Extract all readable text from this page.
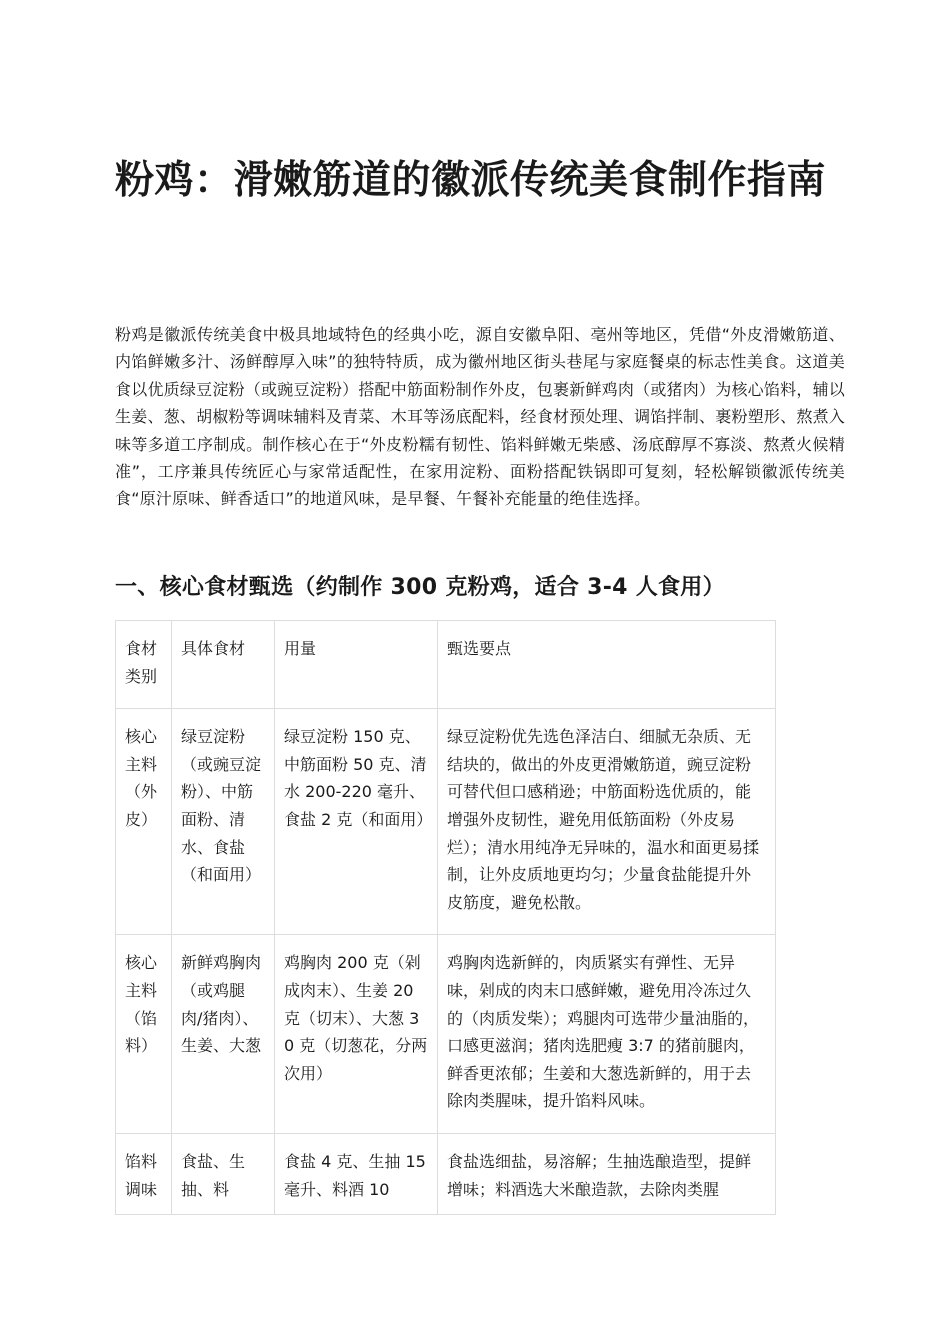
粉鸡：滑嫩筋道的徽派传统美食制作指南

粉鸡是徽派传统美食中极具地域特色的经典小吃，源自安徽阜阳、亳州等地区，凭借“外皮滑嫩筋道、内馅鲜嫩多汁、汤鲜醇厚入味”的独特特质，成为徽州地区街头巷尾与家庭餐桌的标志性美食。这道美食以优质绿豆淀粉（或豌豆淀粉）搭配中筋面粉制作外皮，包裹新鲜鸡肉（或猪肉）为核心馅料，辅以生姜、葱、胡椒粉等调味辅料及青菜、木耳等汤底配料，经食材预处理、调馅拌制、裹粉塑形、熬煮入味等多道工序制成。制作核心在于“外皮粉糯有韧性、馅料鲜嫩无柴感、汤底醇厚不寡淡、熬煮火候精准”，工序兼具传统匠心与家常适配性，在家用淀粉、面粉搭配铁锅即可复刻，轻松解锁徽派传统美食“原汁原味、鲜香适口”的地道风味，是早餐、午餐补充能量的绝佳选择。

一、核心食材甄选（约制作 300 克粉鸡，适合 3-4 人食用）
食材类别	具体食材	用量	甄选要点
核心主料（外皮）	绿豆淀粉（或豌豆淀粉）、中筋面粉、清水、食盐（和面用）	绿豆淀粉 150 克、中筋面粉 50 克、清水 200-220 毫升、食盐 2 克（和面用）	绿豆淀粉优先选色泽洁白、细腻无杂质、无结块的，做出的外皮更滑嫩筋道，豌豆淀粉可替代但口感稍逊；中筋面粉选优质的，能增强外皮韧性，避免用低筋面粉（外皮易烂）；清水用纯净无异味的，温水和面更易揉制，让外皮质地更均匀；少量食盐能提升外皮筋度，避免松散。
核心主料（馅料）	新鲜鸡胸肉（或鸡腿肉/猪肉）、生姜、大葱	鸡胸肉 200 克（剁成肉末）、生姜 20 克（切末）、大葱 30 克（切葱花，分两次用）	鸡胸肉选新鲜的，肉质紧实有弹性、无异味，剁成的肉末口感鲜嫩，避免用冷冻过久的（肉质发柴）；鸡腿肉可选带少量油脂的，口感更滋润；猪肉选肥瘦 3:7 的猪前腿肉，鲜香更浓郁；生姜和大葱选新鲜的，用于去除肉类腥味，提升馅料风味。
馅料调味	食盐、生抽、料	食盐 4 克、生抽 15 毫升、料酒 10	食盐选细盐，易溶解；生抽选酿造型，提鲜增味；料酒选大米酿造款，去除肉类腥
